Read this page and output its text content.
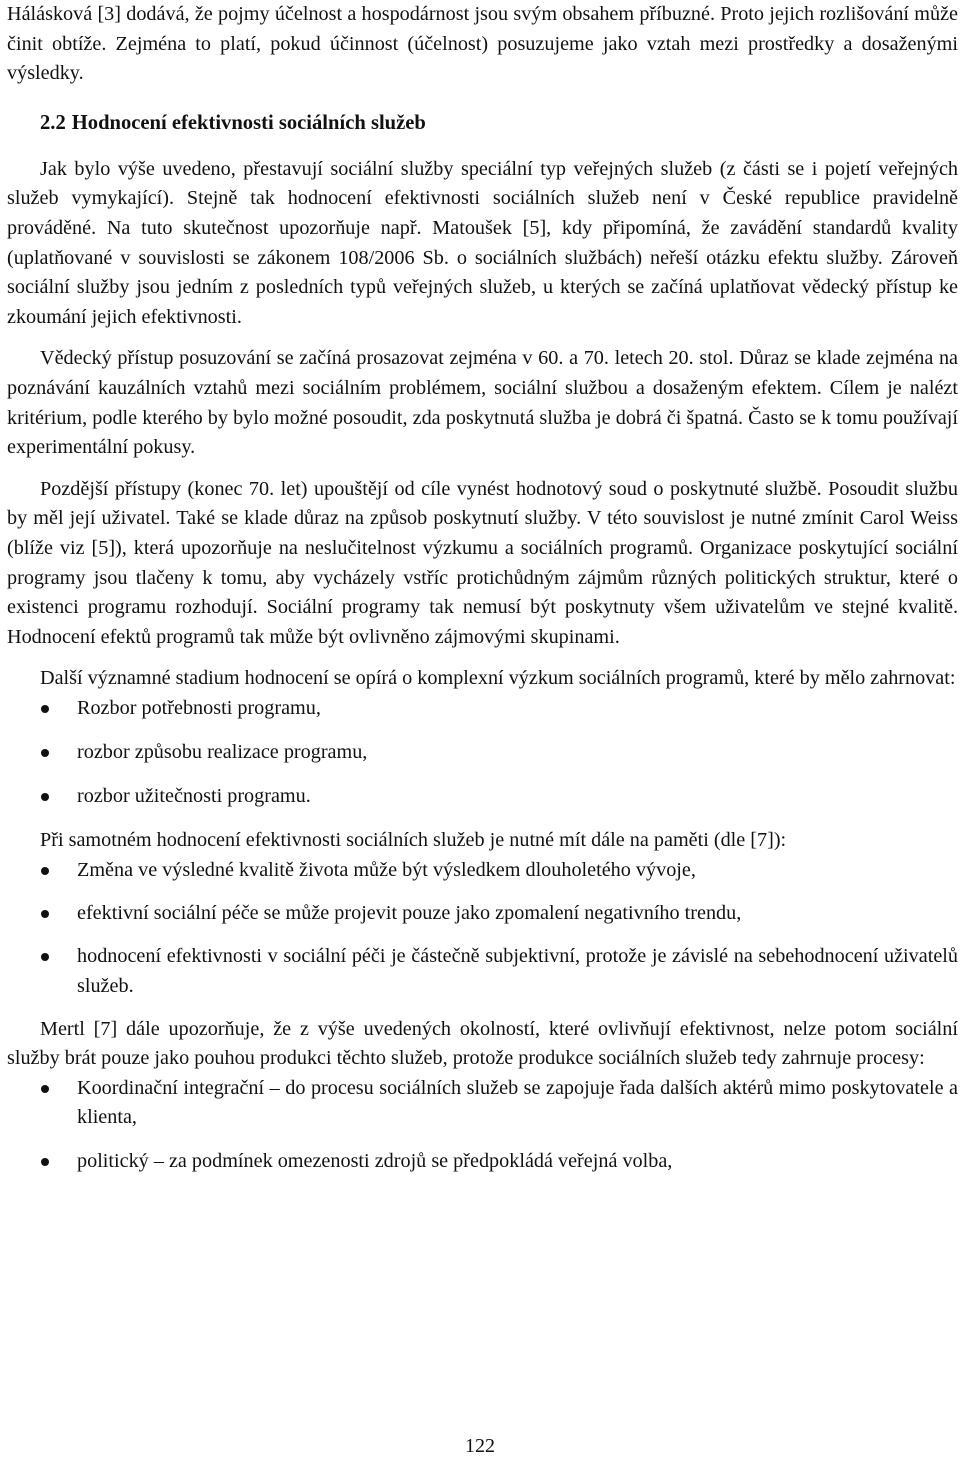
Hálásková [3] dodává, že pojmy účelnost a hospodárnost jsou svým obsahem příbuzné. Proto jejich rozlišování může činit obtíže. Zejména to platí, pokud účinnost (účelnost) posuzujeme jako vztah mezi prostředky a dosaženými výsledky.

2.2 Hodnocení efektivnosti sociálních služeb

Jak bylo výše uvedeno, přestavují sociální služby speciální typ veřejných služeb (z části se i pojetí veřejných služeb vymykající). Stejně tak hodnocení efektivnosti sociálních služeb není v České republice pravidelně prováděné. Na tuto skutečnost upozorňuje např. Matoušek [5], kdy připomíná, že zavádění standardů kvality (uplatňované v souvislosti se zákonem 108/2006 Sb. o sociálních službách) neřeší otázku efektu služby. Zároveň sociální služby jsou jedním z posledních typů veřejných služeb, u kterých se začíná uplatňovat vědecký přístup ke zkoumání jejich efektivnosti.

Vědecký přístup posuzování se začíná prosazovat zejména v 60. a 70. letech 20. stol. Důraz se klade zejména na poznávání kauzálních vztahů mezi sociálním problémem, sociální službou a dosaženým efektem. Cílem je nalézt kritérium, podle kterého by bylo možné posoudit, zda poskytnutá služba je dobrá či špatná. Často se k tomu používají experimentální pokusy.

Pozdější přístupy (konec 70. let) upouštějí od cíle vynést hodnotový soud o poskytnuté službě. Posoudit službu by měl její uživatel. Také se klade důraz na způsob poskytnutí služby. V této souvislost je nutné zmínit Carol Weiss (blíže viz [5]), která upozorňuje na neslučitelnost výzkumu a sociálních programů. Organizace poskytující sociální programy jsou tlačeny k tomu, aby vycházely vstříc protichůdným zájmům různých politických struktur, které o existenci programu rozhodují. Sociální programy tak nemusí být poskytnuty všem uživatelům ve stejné kvalitě. Hodnocení efektů programů tak může být ovlivněno zájmovými skupinami.

Další významné stadium hodnocení se opírá o komplexní výzkum sociálních programů, které by mělo zahrnovat:

Rozbor potřebnosti programu,
rozbor způsobu realizace programu,
rozbor užitečnosti programu.

Při samotném hodnocení efektivnosti sociálních služeb je nutné mít dále na paměti (dle [7]):

Změna ve výsledné kvalitě života může být výsledkem dlouholetého vývoje,
efektivní sociální péče se může projevit pouze jako zpomalení negativního trendu,
hodnocení efektivnosti v sociální péči je částečně subjektivní, protože je závislé na sebehodnocení uživatelů služeb.

Mertl [7] dále upozorňuje, že z výše uvedených okolností, které ovlivňují efektivnost, nelze potom sociální služby brát pouze jako pouhou produkci těchto služeb, protože produkce sociálních služeb tedy zahrnuje procesy:

Koordinační integrační – do procesu sociálních služeb se zapojuje řada dalších aktérů mimo poskytovatele a klienta,
politický – za podmínek omezenosti zdrojů se předpokládá veřejná volba,
122
